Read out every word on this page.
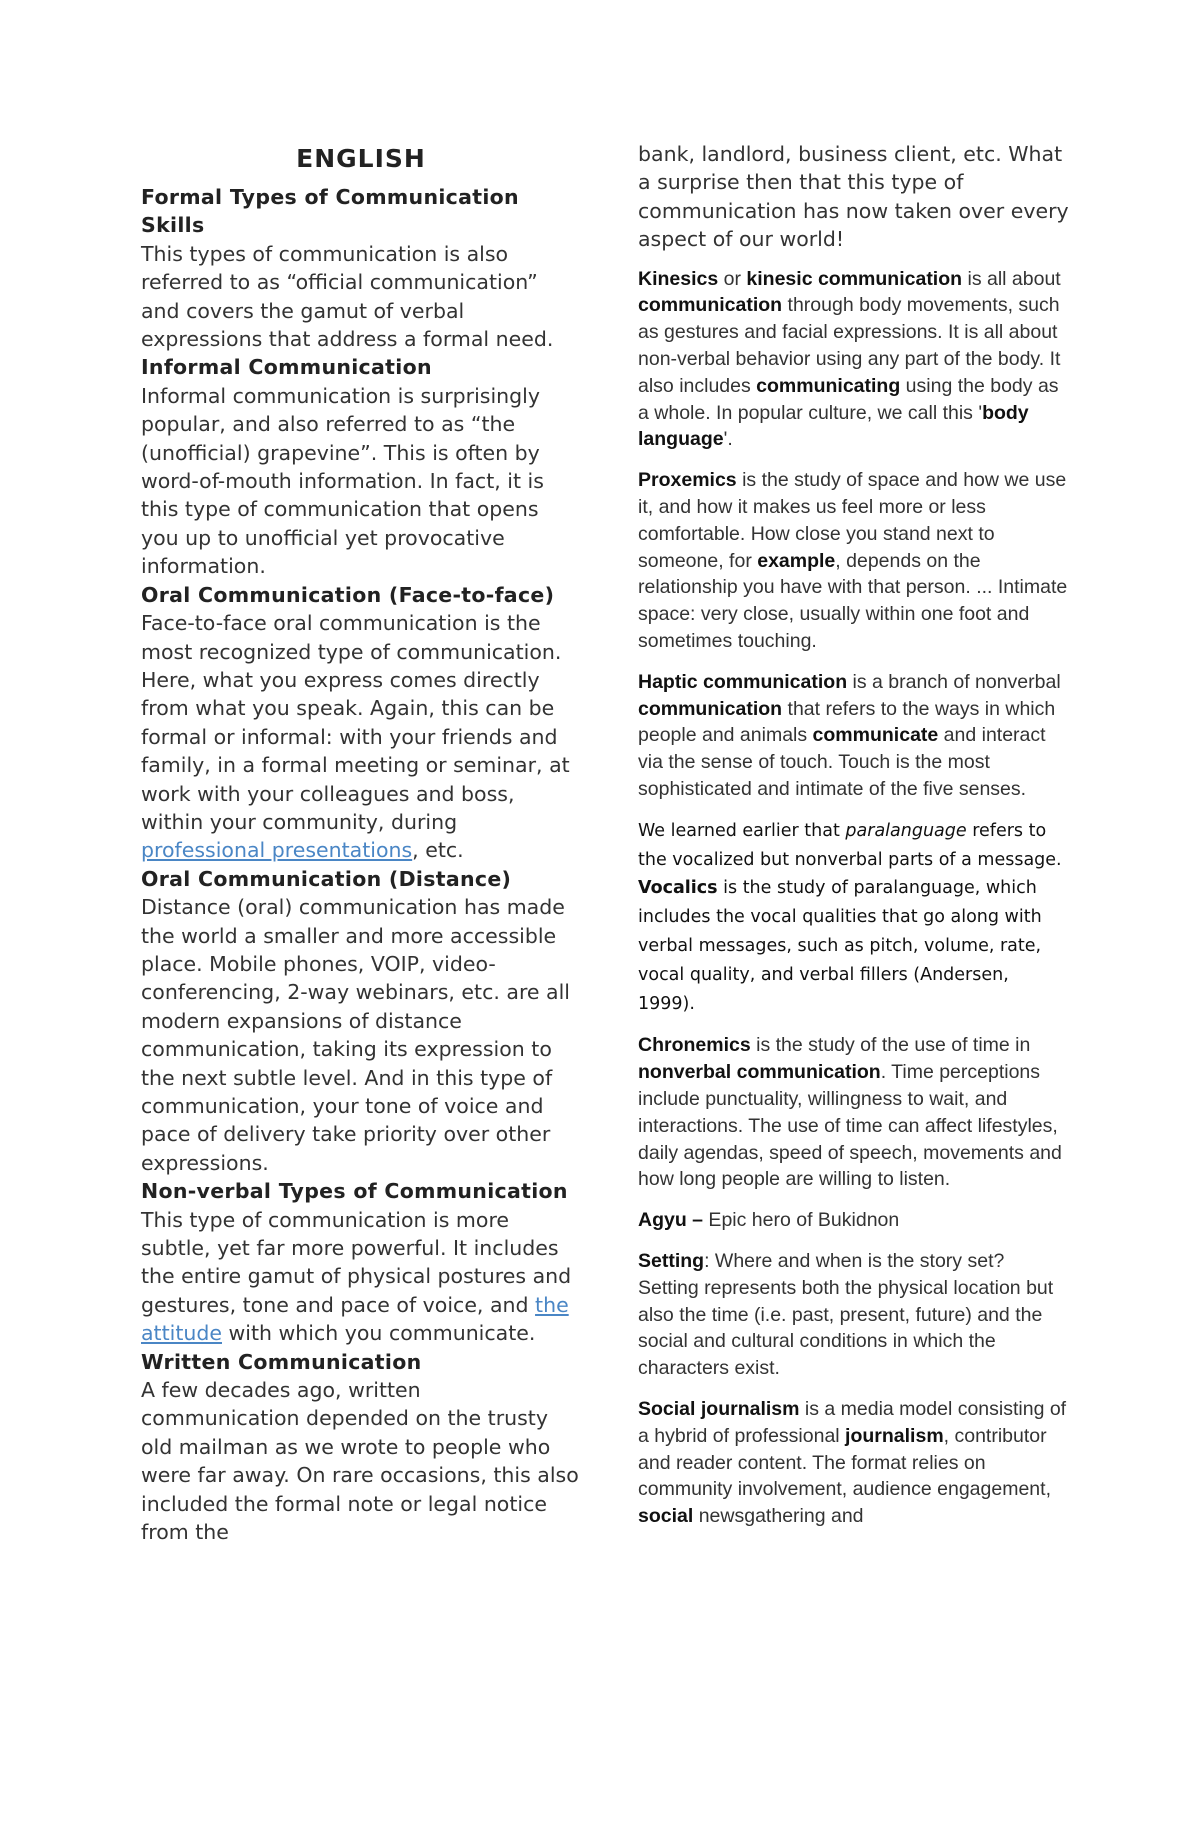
ENGLISH
Formal Types of Communication Skills

This types of communication is also referred to as “official communication” and covers the gamut of verbal expressions that address a formal need.

Informal Communication

Informal communication is surprisingly popular, and also referred to as “the (unofficial) grapevine”. This is often by word-of-mouth information. In fact, it is this type of communication that opens you up to unofficial yet provocative information.

Oral Communication (Face-to-face)

Face-to-face oral communication is the most recognized type of communication. Here, what you express comes directly from what you speak. Again, this can be formal or informal: with your friends and family, in a formal meeting or seminar, at work with your colleagues and boss, within your community, during professional presentations, etc.

Oral Communication (Distance)

Distance (oral) communication has made the world a smaller and more accessible place. Mobile phones, VOIP, video-conferencing, 2-way webinars, etc. are all modern expansions of distance communication, taking its expression to the next subtle level. And in this type of communication, your tone of voice and pace of delivery take priority over other expressions.

Non-verbal Types of Communication

This type of communication is more subtle, yet far more powerful. It includes the entire gamut of physical postures and gestures, tone and pace of voice, and the attitude with which you communicate.

Written Communication

A few decades ago, written communication depended on the trusty old mailman as we wrote to people who were far away. On rare occasions, this also included the formal note or legal notice from the

bank, landlord, business client, etc. What a surprise then that this type of communication has now taken over every aspect of our world!

Kinesics or kinesic communication is all about communication through body movements, such as gestures and facial expressions. It is all about non-verbal behavior using any part of the body. It also includes communicating using the body as a whole. In popular culture, we call this 'body language'.

Proxemics is the study of space and how we use it, and how it makes us feel more or less comfortable. How close you stand next to someone, for example, depends on the relationship you have with that person. ... Intimate space: very close, usually within one foot and sometimes touching.

Haptic communication is a branch of nonverbal communication that refers to the ways in which people and animals communicate and interact via the sense of touch. Touch is the most sophisticated and intimate of the five senses.

We learned earlier that paralanguage refers to the vocalized but nonverbal parts of a message. Vocalics is the study of paralanguage, which includes the vocal qualities that go along with verbal messages, such as pitch, volume, rate, vocal quality, and verbal fillers (Andersen, 1999).

Chronemics is the study of the use of time in nonverbal communication. Time perceptions include punctuality, willingness to wait, and interactions. The use of time can affect lifestyles, daily agendas, speed of speech, movements and how long people are willing to listen.

Agyu – Epic hero of Bukidnon

Setting: Where and when is the story set? Setting represents both the physical location but also the time (i.e. past, present, future) and the social and cultural conditions in which the characters exist.

Social journalism is a media model consisting of a hybrid of professional journalism, contributor and reader content. The format relies on community involvement, audience engagement, social newsgathering and
